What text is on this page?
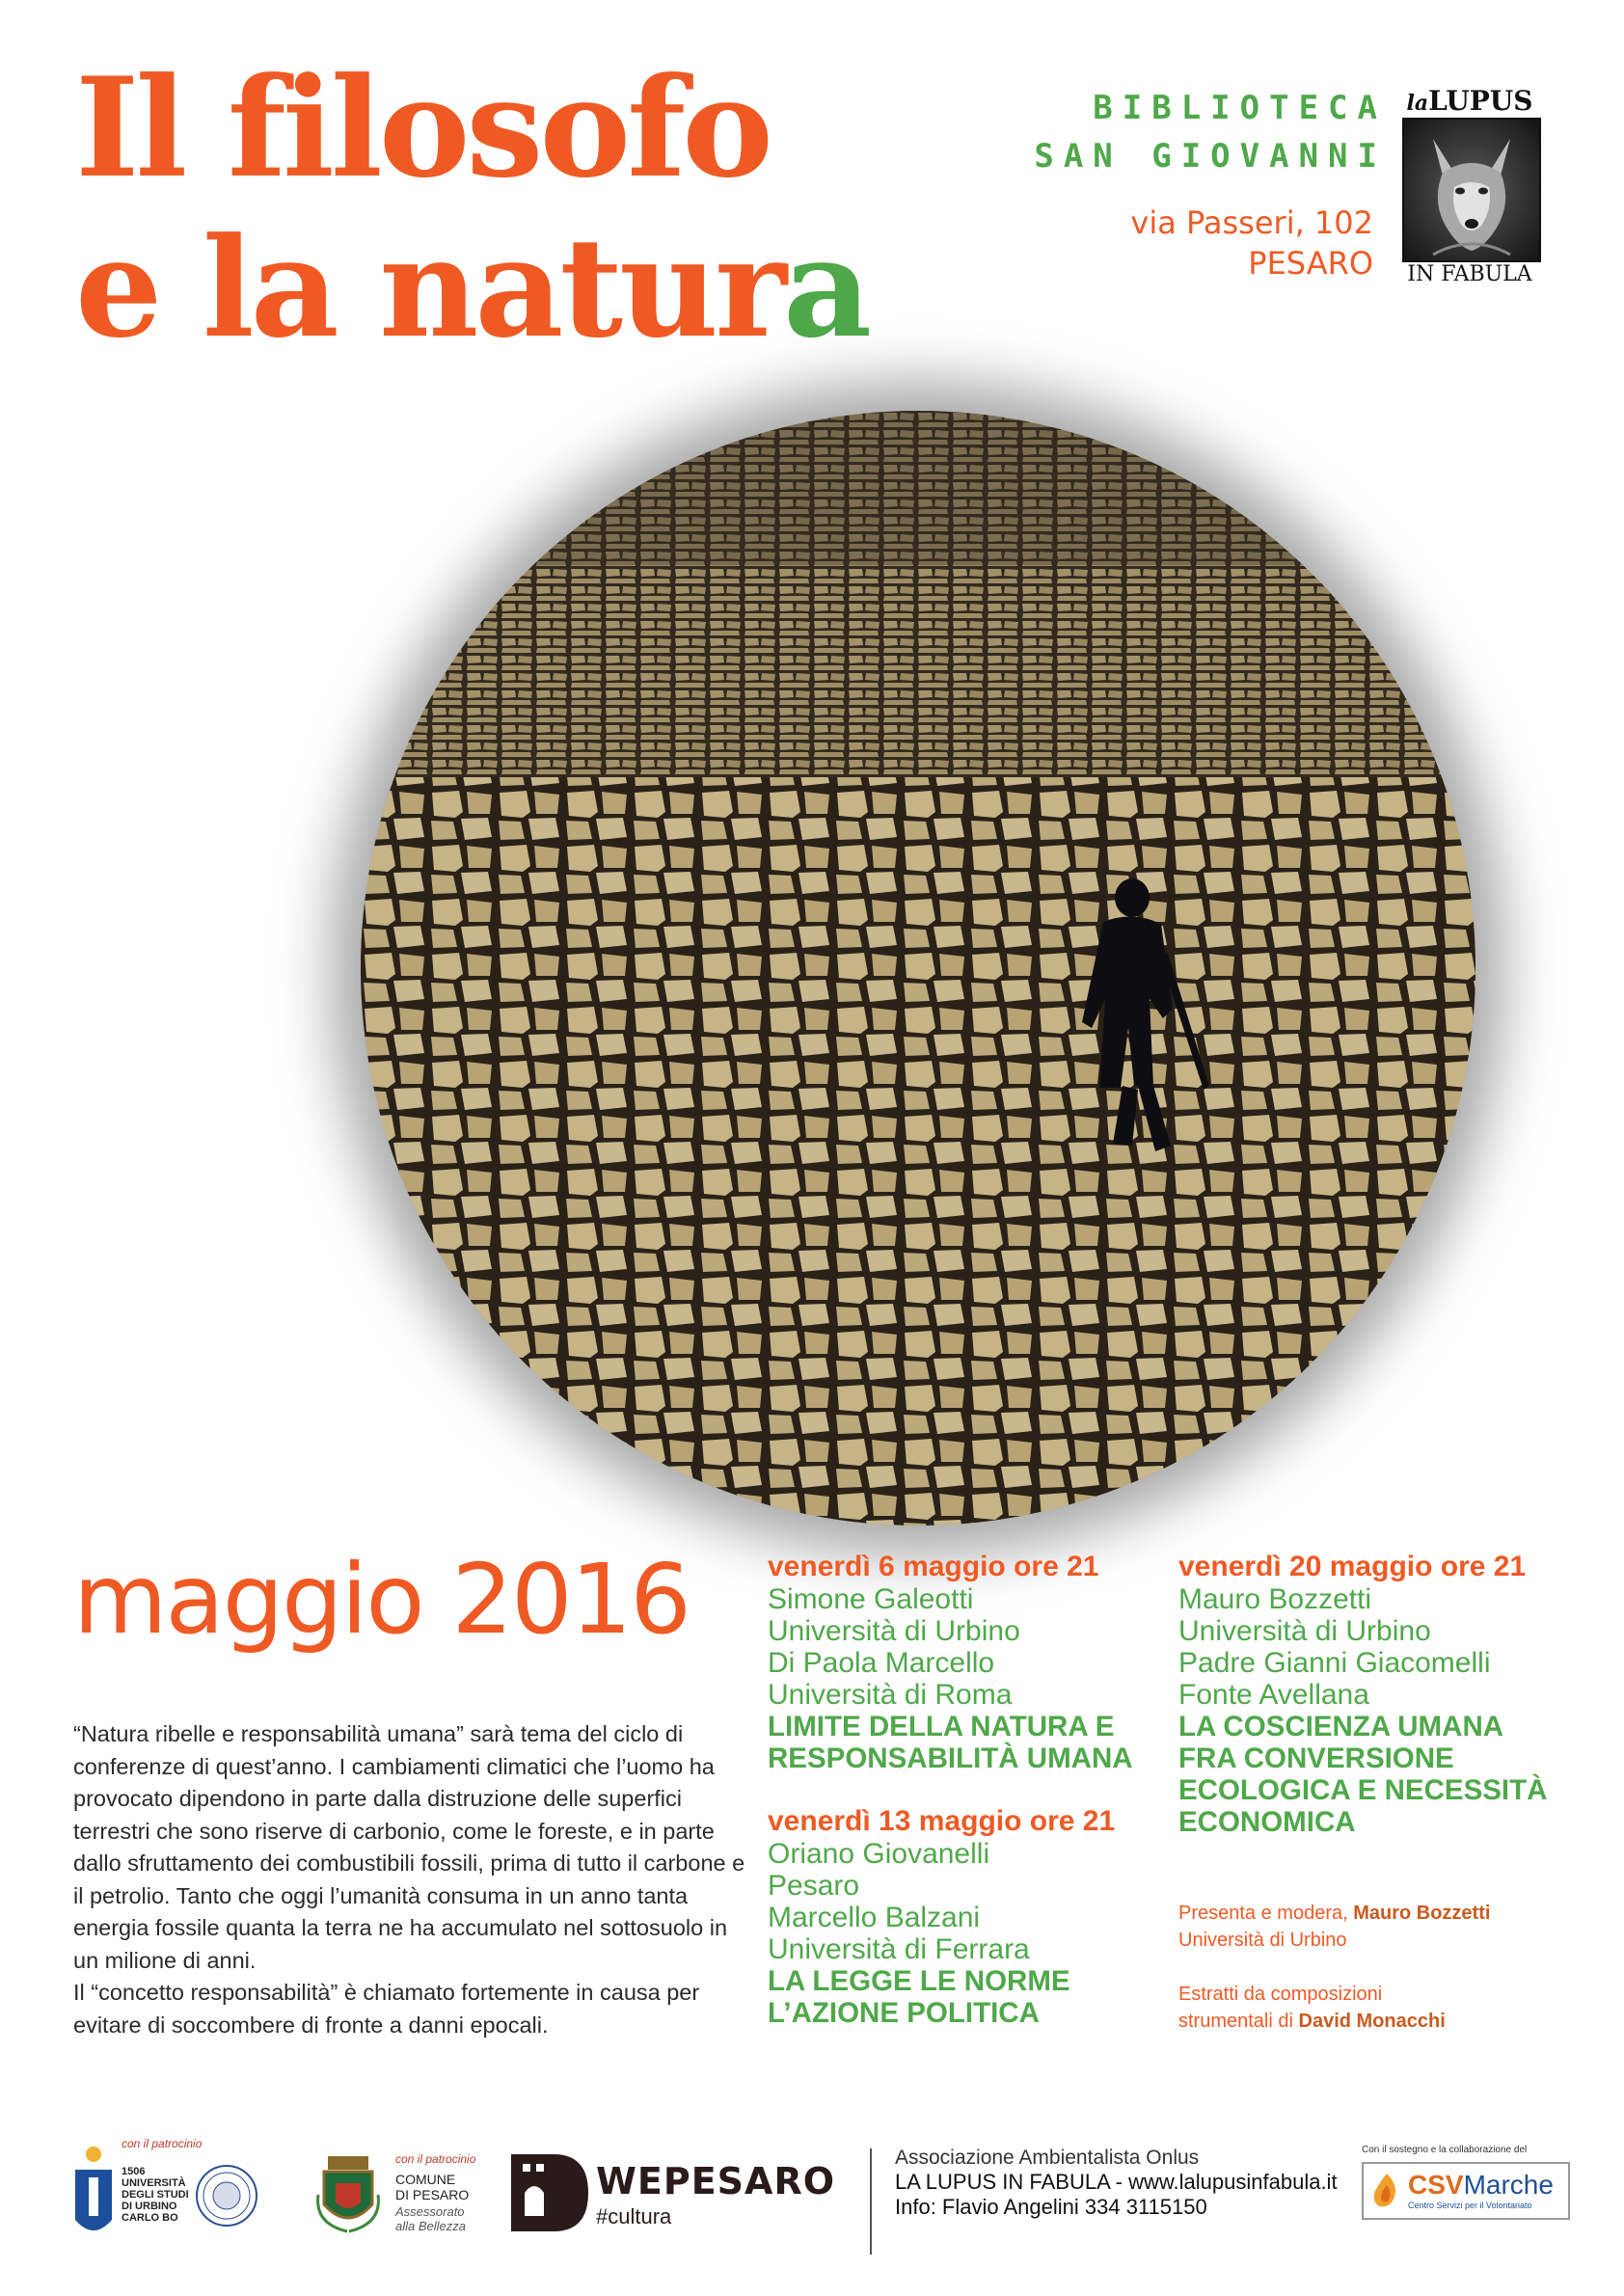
Il filosofo
e la natura
BIBLIOTECA
SAN GIOVANNI
via Passeri, 102
PESARO
laLUPUS
IN FABULA
maggio 2016

“Natura ribelle e responsabilità umana” sarà tema del ciclo di conferenze di quest’anno. I cambiamenti climatici che l’uomo ha provocato dipendono in parte dalla distruzione delle superfici terrestri che sono riserve di carbonio, come le foreste, e in parte dallo sfruttamento dei combustibili fossili, prima di tutto il carbone e il petrolio. Tanto che oggi l’umanità consuma in un anno tanta energia fossile quanta la terra ne ha accumulato nel sottosuolo in un milione di anni.

Il “concetto responsabilità” è chiamato fortemente in causa per evitare di soccombere di fronte a danni epocali.

venerdì 6 maggio ore 21
Simone Galeotti
Università di Urbino
Di Paola Marcello
Università di Roma
LIMITE DELLA NATURA E
RESPONSABILITÀ UMANA
venerdì 13 maggio ore 21
Oriano Giovanelli
Pesaro
Marcello Balzani
Università di Ferrara
LA LEGGE LE NORME
L’AZIONE POLITICA
venerdì 20 maggio ore 21
Mauro Bozzetti
Università di Urbino
Padre Gianni Giacomelli
Fonte Avellana
LA COSCIENZA UMANA
FRA CONVERSIONE
ECOLOGICA E NECESSITÀ
ECONOMICA
Presenta e modera, Mauro Bozzetti
Università di Urbino
Estratti da composizioni
strumentali di David Monacchi
con il patrocinio
1506
UNIVERSITÀ
DEGLI STUDI
DI URBINO
CARLO BO
con il patrocinio
COMUNE
DI PESARO
Assessorato
alla Bellezza
WEPESARO
#cultura
Associazione Ambientalista Onlus
LA LUPUS IN FABULA - www.lalupusinfabula.it
Info: Flavio Angelini 334 3115150
Con il sostegno e la collaborazione del
CSVMarche
Centro Servizi per il Volontariato
